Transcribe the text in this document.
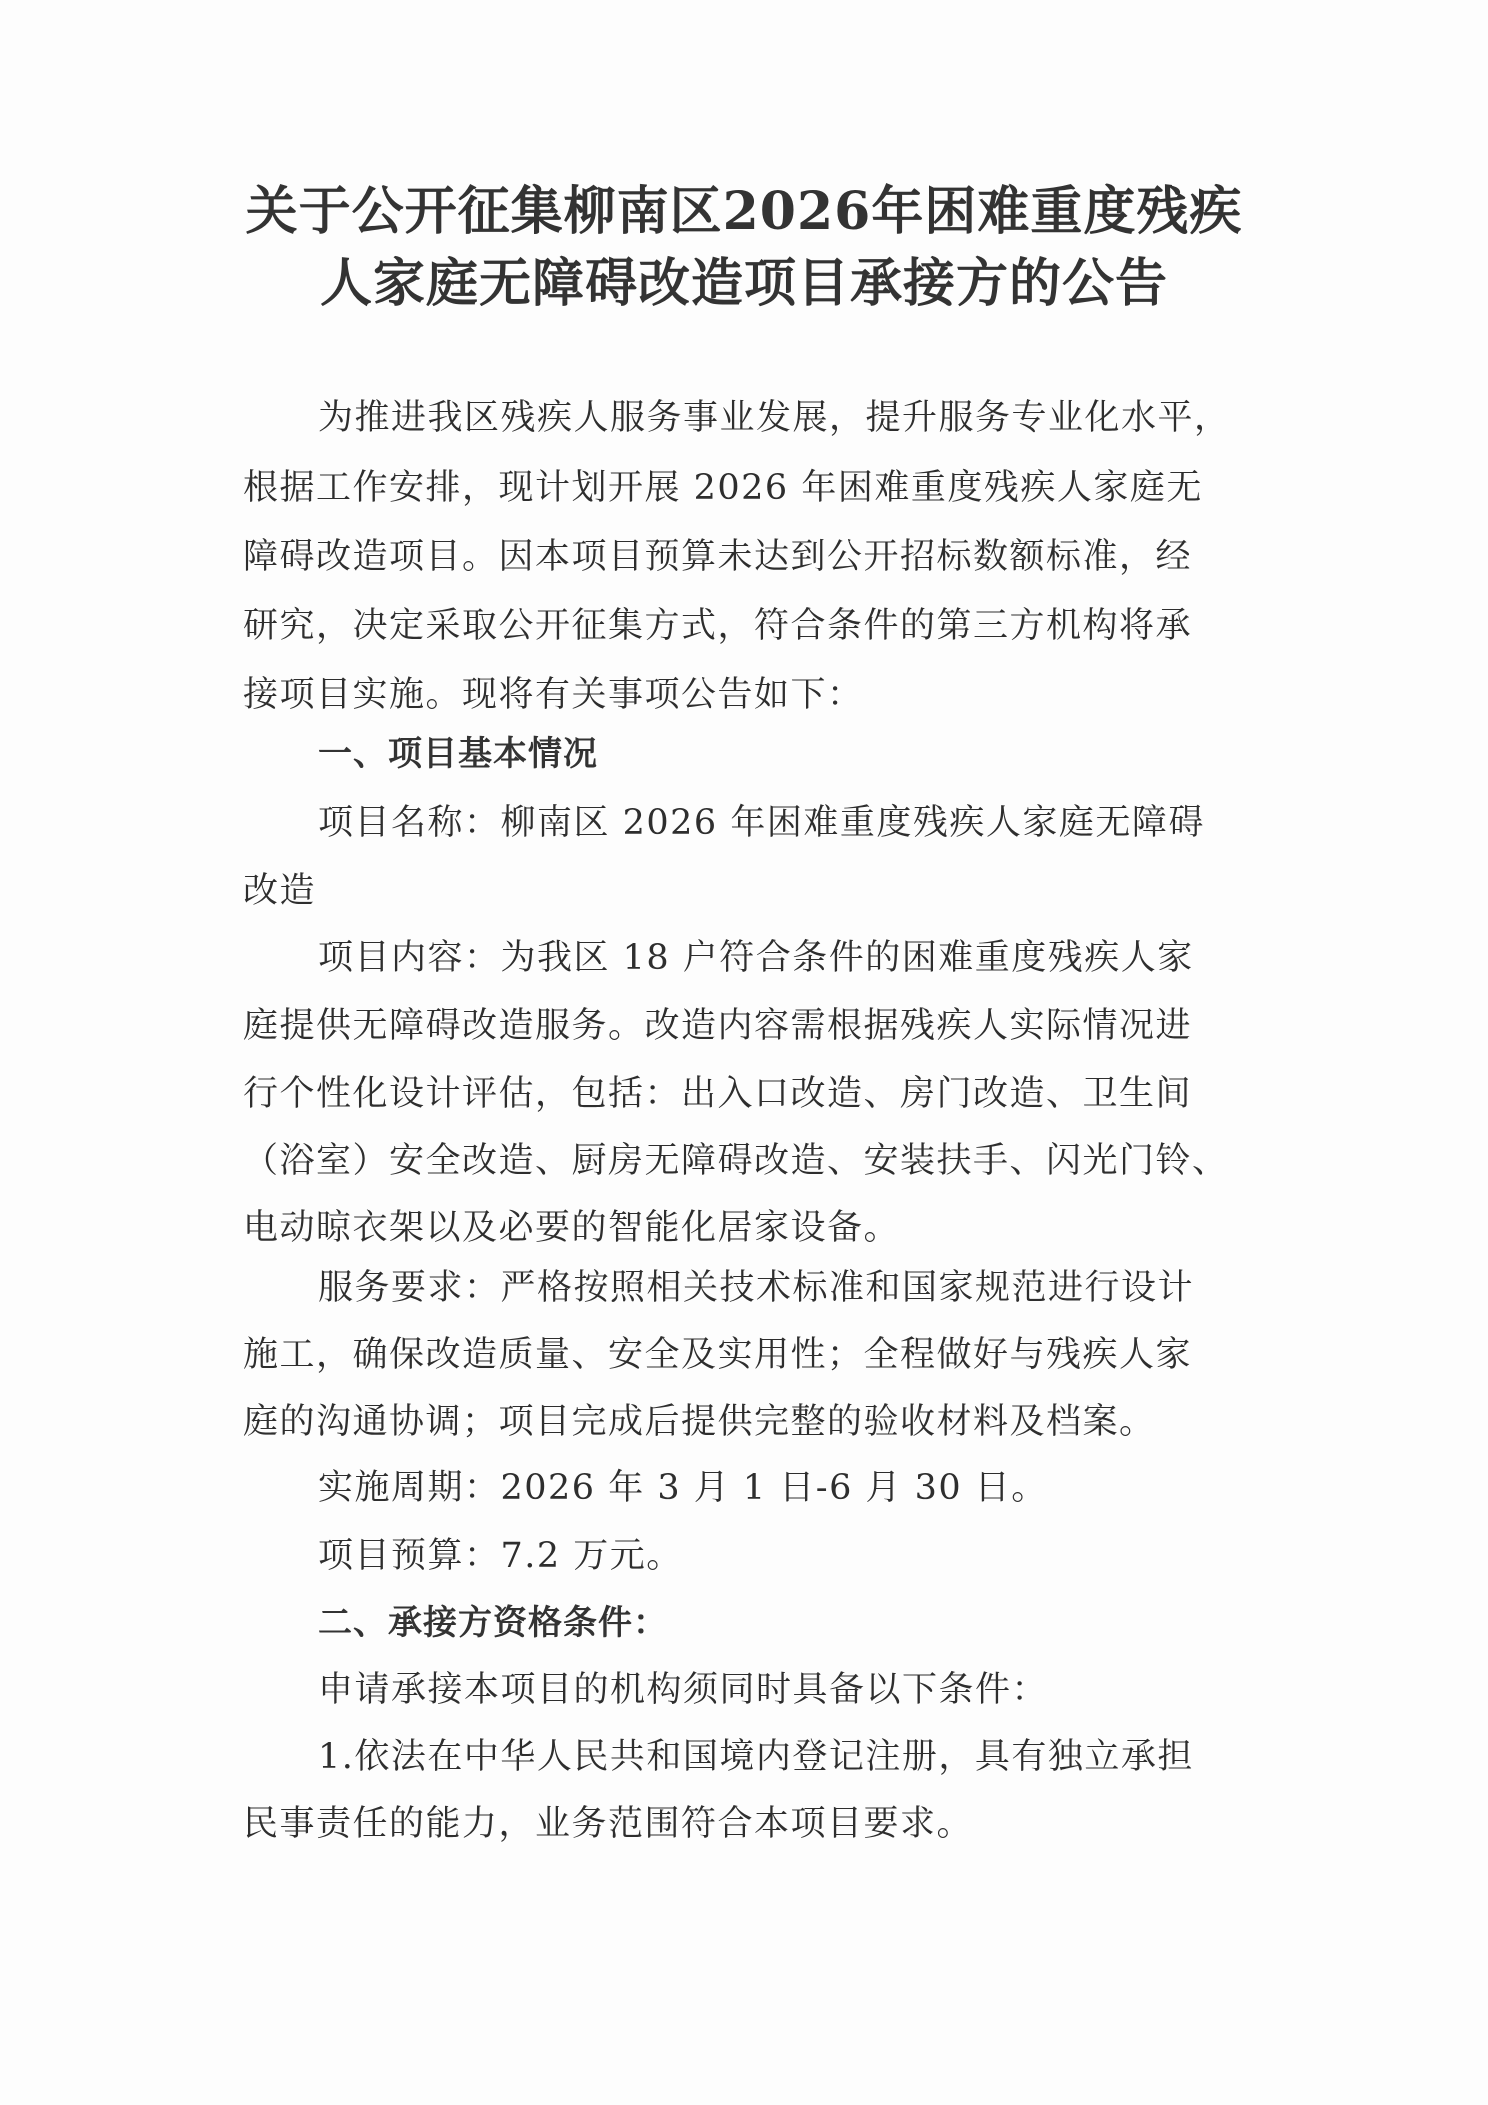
关于公开征集柳南区2026年困难重度残疾
人家庭无障碍改造项目承接方的公告
为推进我区残疾人服务事业发展，提升服务专业化水平，
根据工作安排，现计划开展 2026 年困难重度残疾人家庭无
障碍改造项目。因本项目预算未达到公开招标数额标准，经
研究，决定采取公开征集方式，符合条件的第三方机构将承
接项目实施。现将有关事项公告如下：
一、项目基本情况
项目名称：柳南区 2026 年困难重度残疾人家庭无障碍
改造
项目内容：为我区 18 户符合条件的困难重度残疾人家
庭提供无障碍改造服务。改造内容需根据残疾人实际情况进
行个性化设计评估，包括：出入口改造、房门改造、卫生间
（浴室）安全改造、厨房无障碍改造、安装扶手、闪光门铃、
电动晾衣架以及必要的智能化居家设备。
服务要求：严格按照相关技术标准和国家规范进行设计
施工，确保改造质量、安全及实用性；全程做好与残疾人家
庭的沟通协调；项目完成后提供完整的验收材料及档案。
实施周期：2026 年 3 月 1 日-6 月 30 日。
项目预算：7.2 万元。
二、承接方资格条件：
申请承接本项目的机构须同时具备以下条件：
1.依法在中华人民共和国境内登记注册，具有独立承担
民事责任的能力，业务范围符合本项目要求。
